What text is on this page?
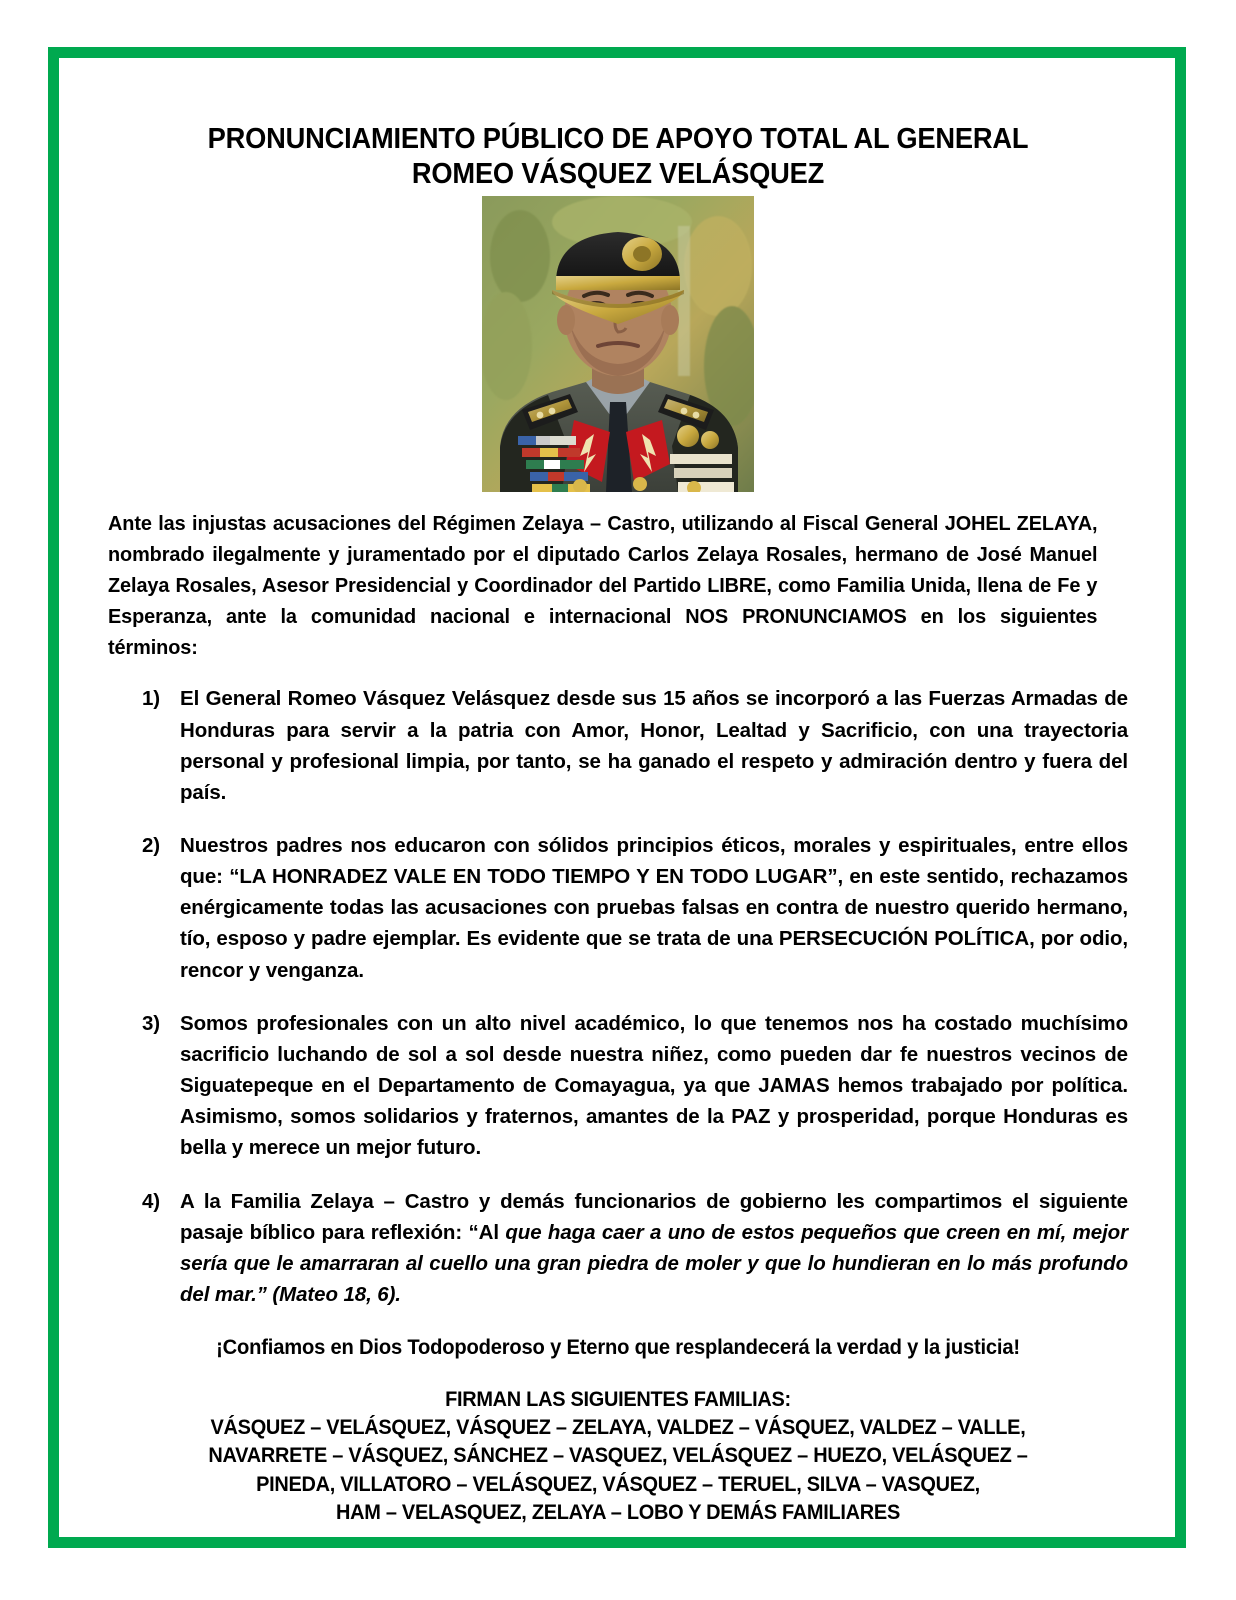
PRONUNCIAMIENTO PÚBLICO DE APOYO TOTAL AL GENERAL
ROMEO VÁSQUEZ VELÁSQUEZ

Ante las injustas acusaciones del Régimen Zelaya – Castro, utilizando al Fiscal General JOHEL ZELAYA, nombrado ilegalmente y juramentado por el diputado Carlos Zelaya Rosales, hermano de José Manuel Zelaya Rosales, Asesor Presidencial y Coordinador del Partido LIBRE, como Familia Unida, llena de Fe y Esperanza, ante la comunidad nacional e internacional NOS PRONUNCIAMOS en los siguientes términos:

1) El General Romeo Vásquez Velásquez desde sus 15 años se incorporó a las Fuerzas Armadas de Honduras para servir a la patria con Amor, Honor, Lealtad y Sacrificio, con una trayectoria personal y profesional limpia, por tanto, se ha ganado el respeto y admiración dentro y fuera del país.
2) Nuestros padres nos educaron con sólidos principios éticos, morales y espirituales, entre ellos que: “LA HONRADEZ VALE EN TODO TIEMPO Y EN TODO LUGAR”, en este sentido, rechazamos enérgicamente todas las acusaciones con pruebas falsas en contra de nuestro querido hermano, tío, esposo y padre ejemplar. Es evidente que se trata de una PERSECUCIÓN POLÍTICA, por odio, rencor y venganza.
3) Somos profesionales con un alto nivel académico, lo que tenemos nos ha costado muchísimo sacrificio luchando de sol a sol desde nuestra niñez, como pueden dar fe nuestros vecinos de Siguatepeque en el Departamento de Comayagua, ya que JAMAS hemos trabajado por política. Asimismo, somos solidarios y fraternos, amantes de la PAZ y prosperidad, porque Honduras es bella y merece un mejor futuro.
4) A la Familia Zelaya – Castro y demás funcionarios de gobierno les compartimos el siguiente pasaje bíblico para reflexión: “Al que haga caer a uno de estos pequeños que creen en mí, mejor sería que le amarraran al cuello una gran piedra de moler y que lo hundieran en lo más profundo del mar.” (Mateo 18, 6).

¡Confiamos en Dios Todopoderoso y Eterno que resplandecerá la verdad y la justicia!

FIRMAN LAS SIGUIENTES FAMILIAS:
VÁSQUEZ – VELÁSQUEZ, VÁSQUEZ – ZELAYA, VALDEZ – VÁSQUEZ, VALDEZ – VALLE,
NAVARRETE – VÁSQUEZ, SÁNCHEZ – VASQUEZ, VELÁSQUEZ – HUEZO, VELÁSQUEZ –
PINEDA, VILLATORO – VELÁSQUEZ, VÁSQUEZ – TERUEL, SILVA – VASQUEZ,
HAM – VELASQUEZ, ZELAYA – LOBO Y DEMÁS FAMILIARES
